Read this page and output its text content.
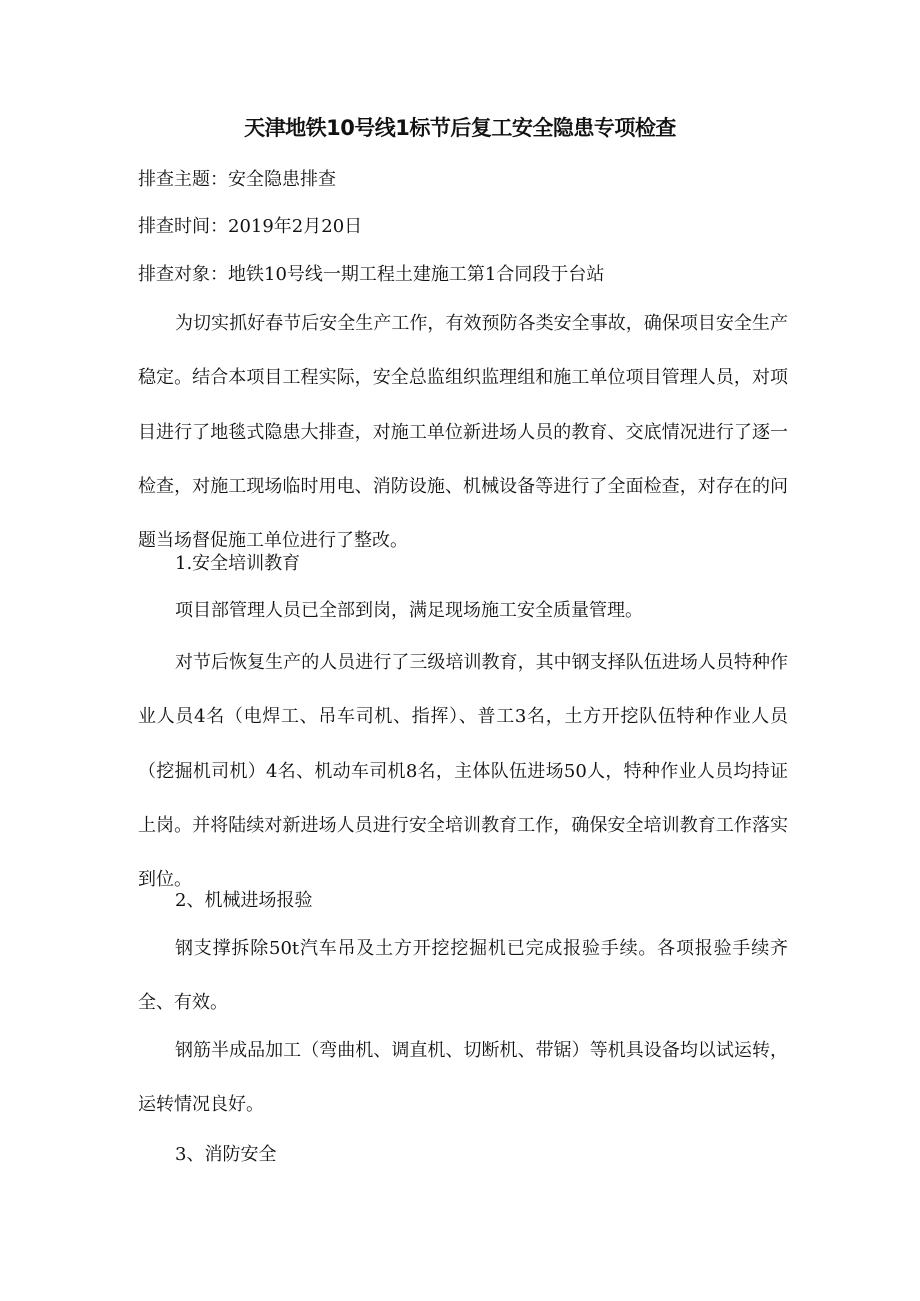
天津地铁10号线1标节后复工安全隐患专项检查
排查主题：安全隐患排查
排查时间：2019年2月20日
排查对象：地铁10号线一期工程土建施工第1合同段于台站

为切实抓好春节后安全生产工作，有效预防各类安全事故，确保项目安全生产稳定。结合本项目工程实际，安全总监组织监理组和施工单位项目管理人员，对项目进行了地毯式隐患大排查，对施工单位新进场人员的教育、交底情况进行了逐一检查，对施工现场临时用电、消防设施、机械设备等进行了全面检查，对存在的问题当场督促施工单位进行了整改。

1.安全培训教育

项目部管理人员已全部到岗，满足现场施工安全质量管理。

对节后恢复生产的人员进行了三级培训教育，其中钢支择队伍进场人员特种作业人员4名（电焊工、吊车司机、指挥）、普工3名，土方开挖队伍特种作业人员（挖掘机司机）4名、机动车司机8名，主体队伍进场50人，特种作业人员均持证上岗。并将陆续对新进场人员进行安全培训教育工作，确保安全培训教育工作落实到位。

2、机械进场报验

钢支撑拆除50t汽车吊及土方开挖挖掘机已完成报验手续。各项报验手续齐全、有效。

钢筋半成品加工（弯曲机、调直机、切断机、带锯）等机具设备均以试运转，运转情况良好。

3、消防安全
